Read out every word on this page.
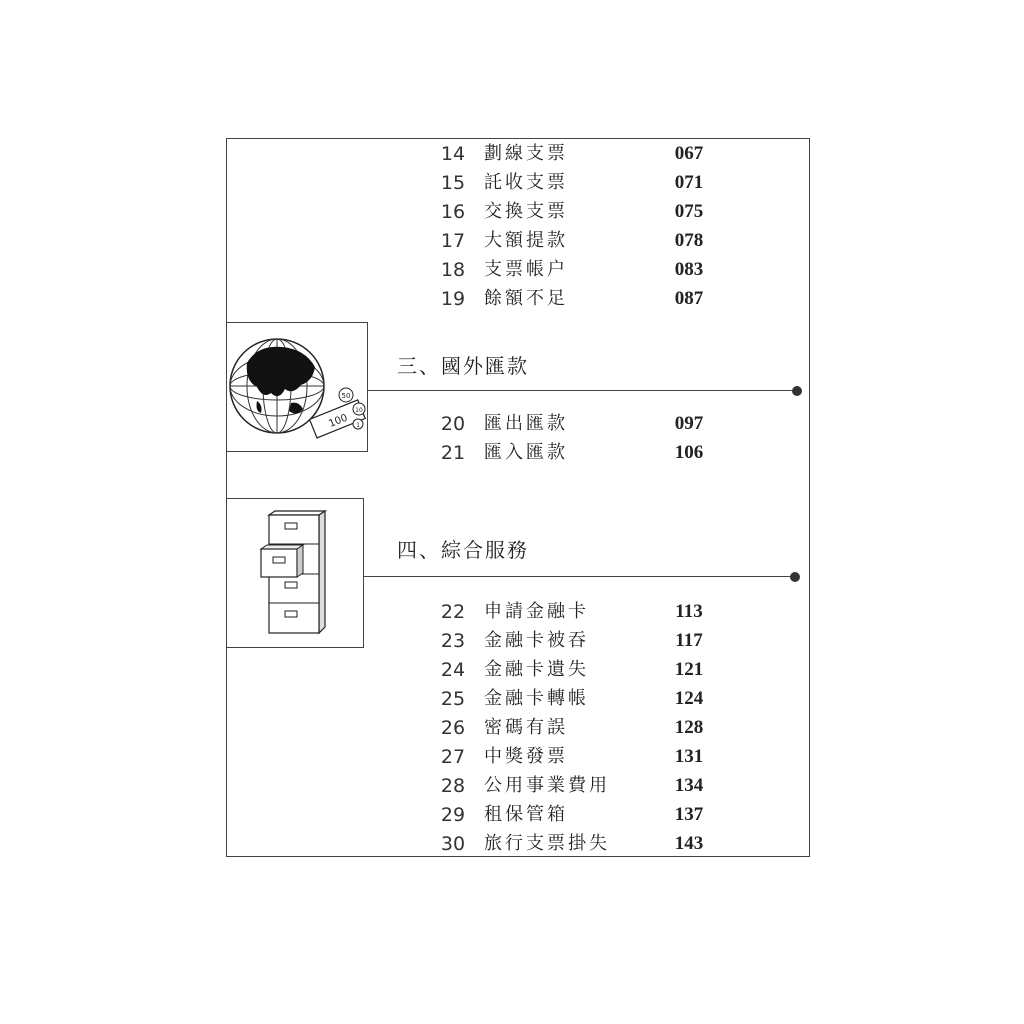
14 劃線支票	067
15 託收支票	071
16 交換支票	075
17 大額提款	078
18 支票帳户	083
19 餘額不足	087
100
50
10
1
三、國外匯款
20 匯出匯款	097
21 匯入匯款	106
四、綜合服務
22 申請金融卡	113
23 金融卡被吞	117
24 金融卡遺失	121
25 金融卡轉帳	124
26 密碼有誤	128
27 中獎發票	131
28 公用事業費用	134
29 租保管箱	137
30 旅行支票掛失	143
